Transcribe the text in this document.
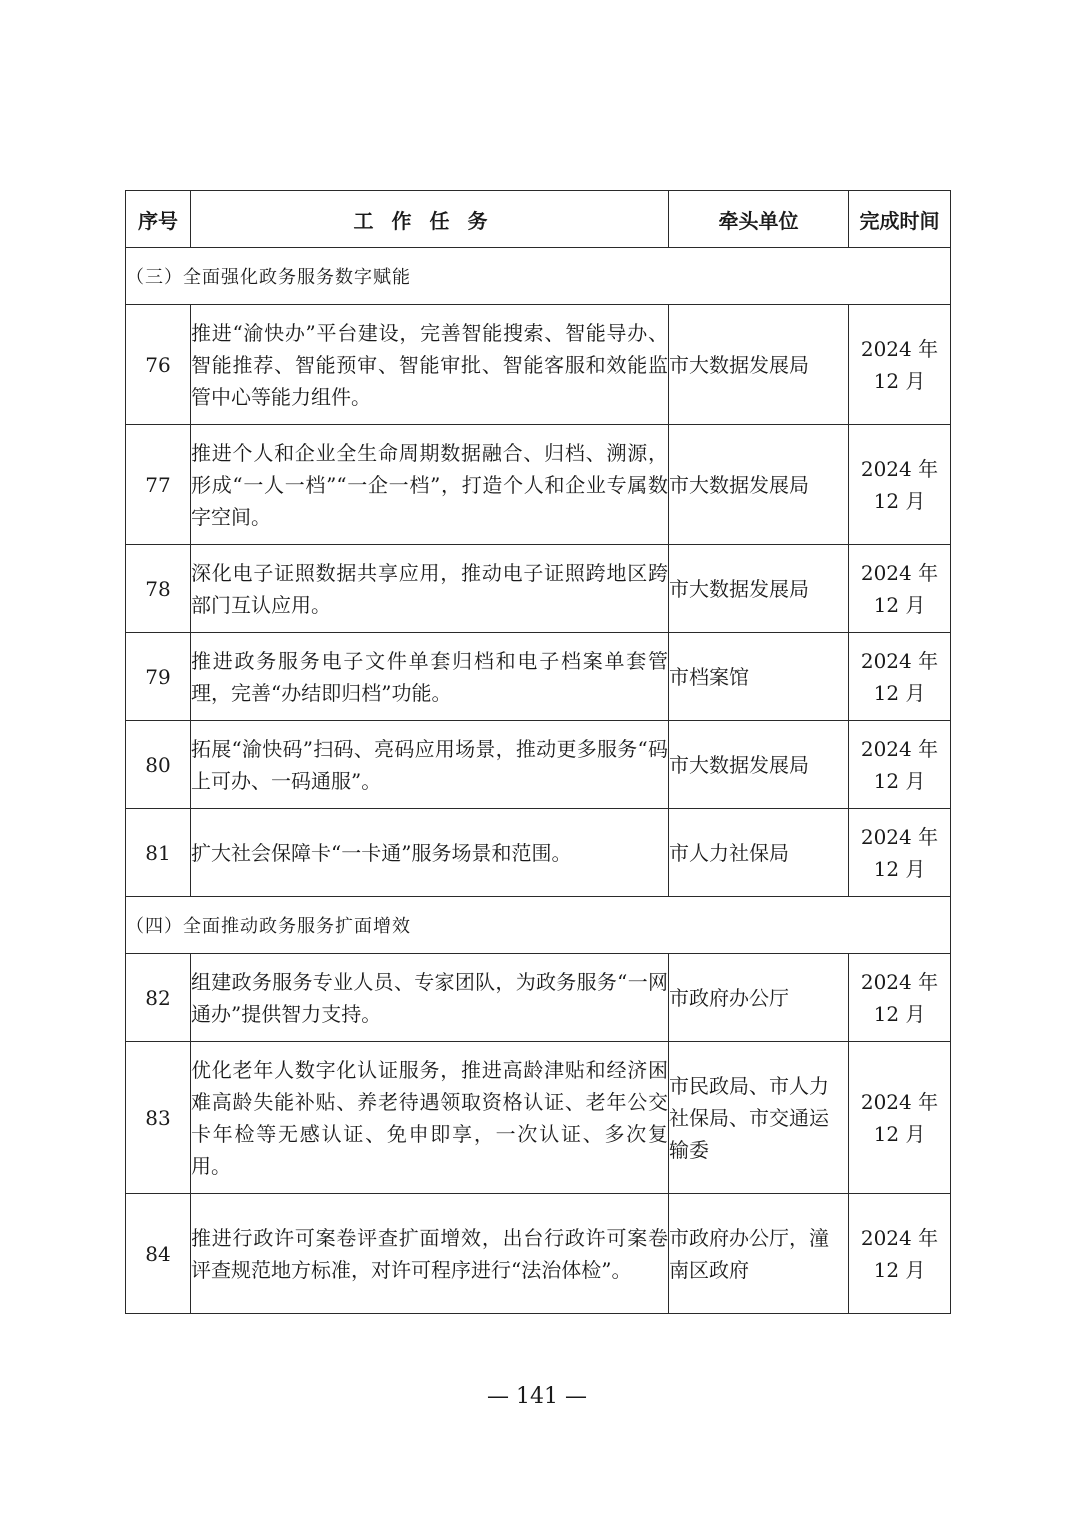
序号	工作任务	牵头单位	完成时间
（三）全面强化政务服务数字赋能			
76	推进“渝快办”平台建设，完善智能搜索、智能导办、智能推荐、智能预审、智能审批、智能客服和效能监管中心等能力组件。	市大数据发展局	2024 年
12 月

77	推进个人和企业全生命周期数据融合、归档、溯源，形成“一人一档”“一企一档”，打造个人和企业专属数字空间。	市大数据发展局	2024 年
12 月

78	深化电子证照数据共享应用，推动电子证照跨地区跨部门互认应用。	市大数据发展局	2024 年
12 月

79	推进政务服务电子文件单套归档和电子档案单套管理，完善“办结即归档”功能。	市档案馆	2024 年
12 月

80	拓展“渝快码”扫码、亮码应用场景，推动更多服务“码上可办、一码通服”。	市大数据发展局	2024 年
12 月

81	扩大社会保障卡“一卡通”服务场景和范围。	市人力社保局	2024 年
12 月

（四）全面推动政务服务扩面增效			
82	组建政务服务专业人员、专家团队，为政务服务“一网通办”提供智力支持。	市政府办公厅	2024 年
12 月

83	优化老年人数字化认证服务，推进高龄津贴和经济困难高龄失能补贴、养老待遇领取资格认证、老年公交卡年检等无感认证、免申即享，一次认证、多次复用。	市民政局、市人力社保局、市交通运输委	2024 年
12 月

84	推进行政许可案卷评查扩面增效，出台行政许可案卷评查规范地方标准，对许可程序进行“法治体检”。	市政府办公厅，潼南区政府	2024 年
12 月
— 141 —
